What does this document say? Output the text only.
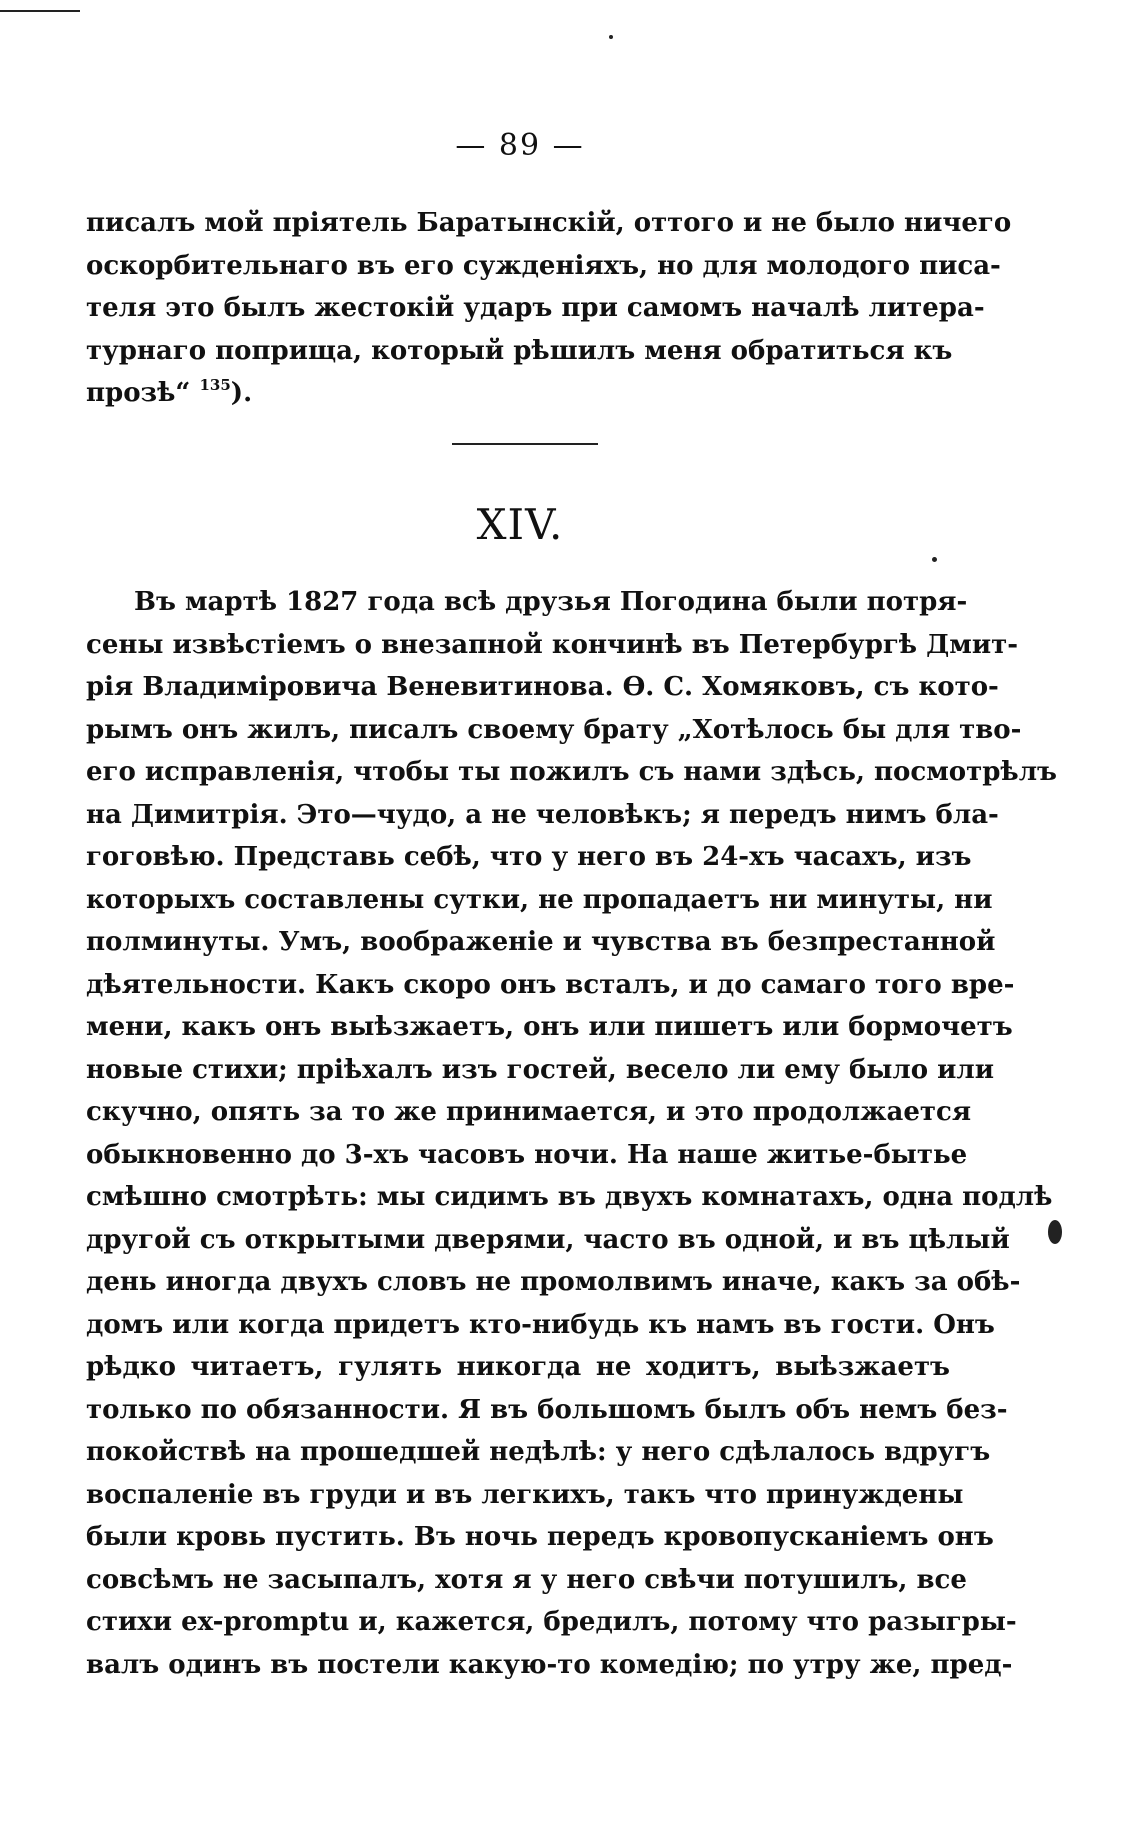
— 89 —
писалъ мой пріятель Баратынскій, оттого и не было ничего
оскорбительнаго въ его сужденіяхъ, но для молодого писа-
теля это былъ жестокій ударъ при самомъ началѣ литера-
турнаго поприща, который рѣшилъ меня обратиться къ
прозѣ“ $^{135}$).
XIV.
Въ мартѣ 1827 года всѣ друзья Погодина были потря-
сены извѣстіемъ о внезапной кончинѣ въ Петербургѣ Дмит-
рія Владиміровича Веневитинова. Ѳ. С. Хомяковъ, съ кото-
рымъ онъ жилъ, писалъ своему брату „Хотѣлось бы для тво-
его исправленія, чтобы ты пожилъ съ нами здѣсь, посмотрѣлъ
на Димитрія. Это—чудо, а не человѣкъ; я передъ нимъ бла-
гоговѣю. Представь себѣ, что у него въ 24-хъ часахъ, изъ
которыхъ составлены сутки, не пропадаетъ ни минуты, ни
полминуты. Умъ, воображеніе и чувства въ безпрестанной
дѣятельности. Какъ скоро онъ всталъ, и до самаго того вре-
мени, какъ онъ выѣзжаетъ, онъ или пишетъ или бормочетъ
новые стихи; пріѣхалъ изъ гостей, весело ли ему было или
скучно, опять за то же принимается, и это продолжается
обыкновенно до 3-хъ часовъ ночи. На наше житье-бытье
смѣшно смотрѣть: мы сидимъ въ двухъ комнатахъ, одна подлѣ
другой съ открытыми дверями, часто въ одной, и въ цѣлый
день иногда двухъ словъ не промолвимъ иначе, какъ за обѣ-
домъ или когда придетъ кто-нибудь къ намъ въ гости. Онъ
рѣдко читаетъ, гулять никогда не ходитъ, выѣзжаетъ
только по обязанности. Я въ большомъ былъ объ немъ без-
покойствѣ на прошедшей недѣлѣ: у него сдѣлалось вдругъ
воспаленіе въ груди и въ легкихъ, такъ что принуждены
были кровь пустить. Въ ночь передъ кровопусканіемъ онъ
совсѣмъ не засыпалъ, хотя я у него свѣчи потушилъ, все
стихи ex-promptu и, кажется, бредилъ, потому что разыгры-
валъ одинъ въ постели какую-то комедію; по утру же, пред-
